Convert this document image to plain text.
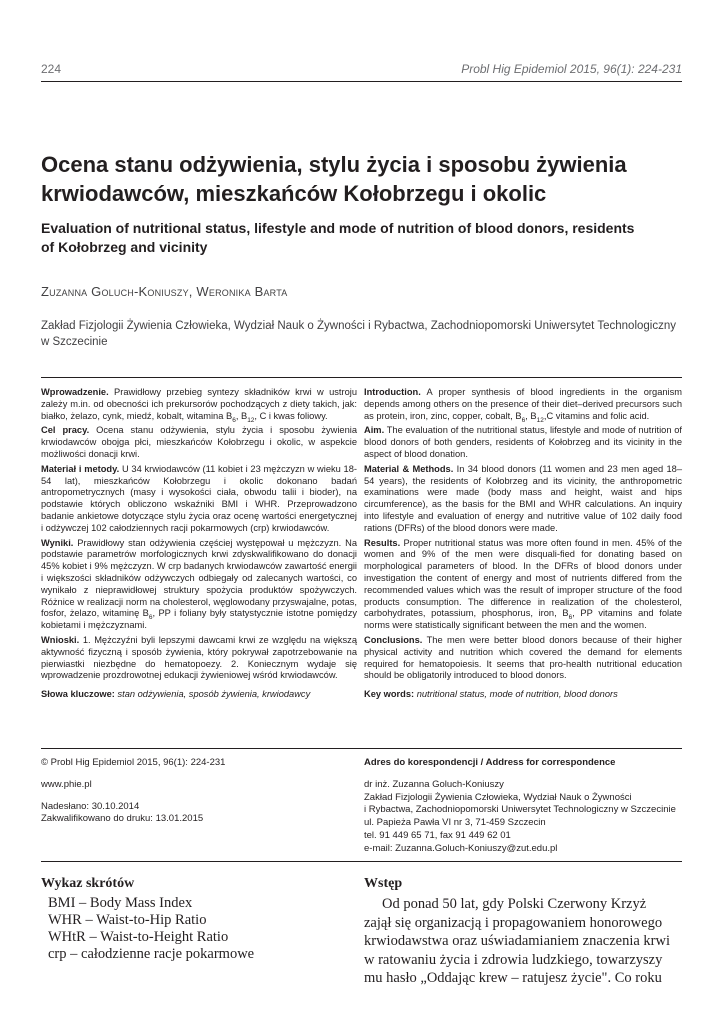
224	Probl Hig Epidemiol 2015, 96(1): 224-231
Ocena stanu odżywienia, stylu życia i sposobu żywienia
krwiodawców, mieszkańców Kołobrzegu i okolic
Evaluation of nutritional status, lifestyle and mode of nutrition of blood donors, residents
of Kołobrzeg and vicinity
Zuzanna Goluch-Koniuszy, Weronika Barta
Zakład Fizjologii Żywienia Człowieka, Wydział Nauk o Żywności i Rybactwa, Zachodniopomorski Uniwersytet Technologiczny
w Szczecinie

Wprowadzenie. Prawidłowy przebieg syntezy składników krwi w ustroju zależy m.in. od obecności ich prekursorów pochodzących z diety takich, jak: białko, żelazo, cynk, miedź, kobalt, witamina $B_6$, $B_{12}$, C i kwas foliowy.

Cel pracy. Ocena stanu odżywienia, stylu życia i sposobu żywienia krwiodawców obojga płci, mieszkańców Kołobrzegu i okolic, w aspekcie możliwości donacji krwi.

Materiał i metody. U 34 krwiodawców (11 kobiet i 23 mężczyzn w wieku 18-54 lat), mieszkańców Kołobrzegu i okolic dokonano badań antropometrycznych (masy i wysokości ciała, obwodu talii i bioder), na podstawie których obliczono wskaźniki BMI i WHR. Przeprowadzono badanie ankietowe dotyczące stylu życia oraz ocenę wartości energetycznej i odżywczej 102 całodziennych racji pokarmowych (crp) krwiodawców.

Wyniki. Prawidłowy stan odżywienia częściej występował u mężczyzn. Na podstawie parametrów morfologicznych krwi zdyskwalifikowano do donacji 45% kobiet i 9% mężczyzn. W crp badanych krwiodawców zawartość energii i większości składników odżywczych odbiegały od zalecanych wartości, co wynikało z nieprawidłowej struktury spożycia produktów spożywczych. Różnice w realizacji norm na cholesterol, węglowodany przyswajalne, potas, fosfor, żelazo, witaminę $B_6$, PP i foliany były statystycznie istotne pomiędzy kobietami i mężczyznami.

Wnioski. 1. Mężczyźni byli lepszymi dawcami krwi ze względu na większą aktywność fizyczną i sposób żywienia, który pokrywał zapotrzebowanie na pierwiastki niezbędne do hematopoezy. 2. Koniecznym wydaje się wprowadzenie prozdrowotnej edukacji żywieniowej wśród krwiodawców.

Słowa kluczowe: stan odżywienia, sposób żywienia, krwiodawcy

Introduction. A proper synthesis of blood ingredients in the organism depends among others on the presence of their diet–derived precursors such as protein, iron, zinc, copper, cobalt, $B_6$, $B_{12},C$ vitamins and folic acid.

Aim. The evaluation of the nutritional status, lifestyle and mode of nutrition of blood donors of both genders, residents of Kołobrzeg and its vicinity in the aspect of blood donation.

Material & Methods. In 34 blood donors (11 women and 23 men aged 18–54 years), the residents of Kołobrzeg and its vicinity, the anthropometric examinations were made (body mass and height, waist and hips circumference), as the basis for the BMI and WHR calculations. An inquiry into lifestyle and evaluation of energy and nutritive value of 102 daily food rations (DFRs) of the blood donors were made.

Results. Proper nutritional status was more often found in men. 45% of the women and 9% of the men were disquali-fied for donating based on morphological parameters of blood. In the DFRs of blood donors under investigation the content of energy and most of nutrients differed from the recommended values which was the result of improper structure of the food products consumption. The difference in realization of the cholesterol, carbohydrates, potassium, phosphorus, iron, $B_6$, PP vitamins and folate norms were statistically significant between the men and the women.

Conclusions. The men were better blood donors because of their higher physical activity and nutrition which covered the demand for elements required for hematopoiesis. It seems that pro-health nutritional education should be obligatorily introduced to blood donors.

Key words: nutritional status, mode of nutrition, blood donors

© Probl Hig Epidemiol 2015, 96(1): 224-231

www.phie.pl

Nadesłano: 30.10.2014

Zakwalifikowano do druku: 13.01.2015

Adres do korespondencji / Address for correspondence

dr inż. Zuzanna Goluch-Koniuszy

Zakład Fizjologii Żywienia Człowieka, Wydział Nauk o Żywności

i Rybactwa, Zachodniopomorski Uniwersytet Technologiczny w Szczecinie

ul. Papieża Pawła VI nr 3, 71-459 Szczecin

tel. 91 449 65 71, fax 91 449 62 01

e-mail: Zuzanna.Goluch-Koniuszy@zut.edu.pl

Wykaz skrótów
BMI – Body Mass Index
WHR – Waist-to-Hip Ratio
WHtR – Waist-to-Height Ratio
crp – całodzienne racje pokarmowe
Wstęp
Od ponad 50 lat, gdy Polski Czerwony Krzyż
zajął się organizacją i propagowaniem honorowego
krwiodawstwa oraz uświadamianiem znaczenia krwi
w ratowaniu życia i zdrowia ludzkiego, towarzyszy
mu hasło „Oddając krew – ratujesz życie". Co roku
